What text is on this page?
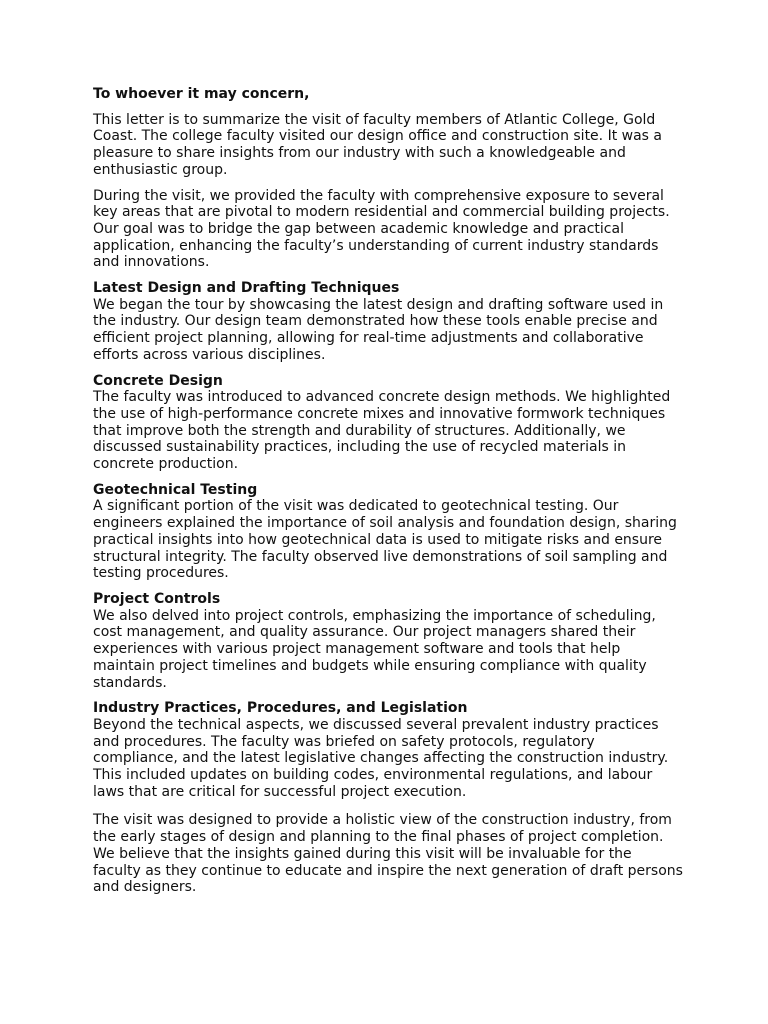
To whoever it may concern,

This letter is to summarize the visit of faculty members of Atlantic College, Gold Coast. The college faculty visited our design office and construction site. It was a pleasure to share insights from our industry with such a knowledgeable and enthusiastic group.

During the visit, we provided the faculty with comprehensive exposure to several key areas that are pivotal to modern residential and commercial building projects. Our goal was to bridge the gap between academic knowledge and practical application, enhancing the faculty’s understanding of current industry standards and innovations.

Latest Design and Drafting Techniques

We began the tour by showcasing the latest design and drafting software used in the industry. Our design team demonstrated how these tools enable precise and efficient project planning, allowing for real-time adjustments and collaborative efforts across various disciplines.

Concrete Design

The faculty was introduced to advanced concrete design methods. We highlighted the use of high-performance concrete mixes and innovative formwork techniques that improve both the strength and durability of structures. Additionally, we discussed sustainability practices, including the use of recycled materials in concrete production.

Geotechnical Testing

A significant portion of the visit was dedicated to geotechnical testing. Our engineers explained the importance of soil analysis and foundation design, sharing practical insights into how geotechnical data is used to mitigate risks and ensure structural integrity. The faculty observed live demonstrations of soil sampling and testing procedures.

Project Controls

We also delved into project controls, emphasizing the importance of scheduling, cost management, and quality assurance. Our project managers shared their experiences with various project management software and tools that help maintain project timelines and budgets while ensuring compliance with quality standards.

Industry Practices, Procedures, and Legislation

Beyond the technical aspects, we discussed several prevalent industry practices and procedures. The faculty was briefed on safety protocols, regulatory compliance, and the latest legislative changes affecting the construction industry. This included updates on building codes, environmental regulations, and labour laws that are critical for successful project execution.

The visit was designed to provide a holistic view of the construction industry, from the early stages of design and planning to the final phases of project completion. We believe that the insights gained during this visit will be invaluable for the faculty as they continue to educate and inspire the next generation of draft persons and designers.
